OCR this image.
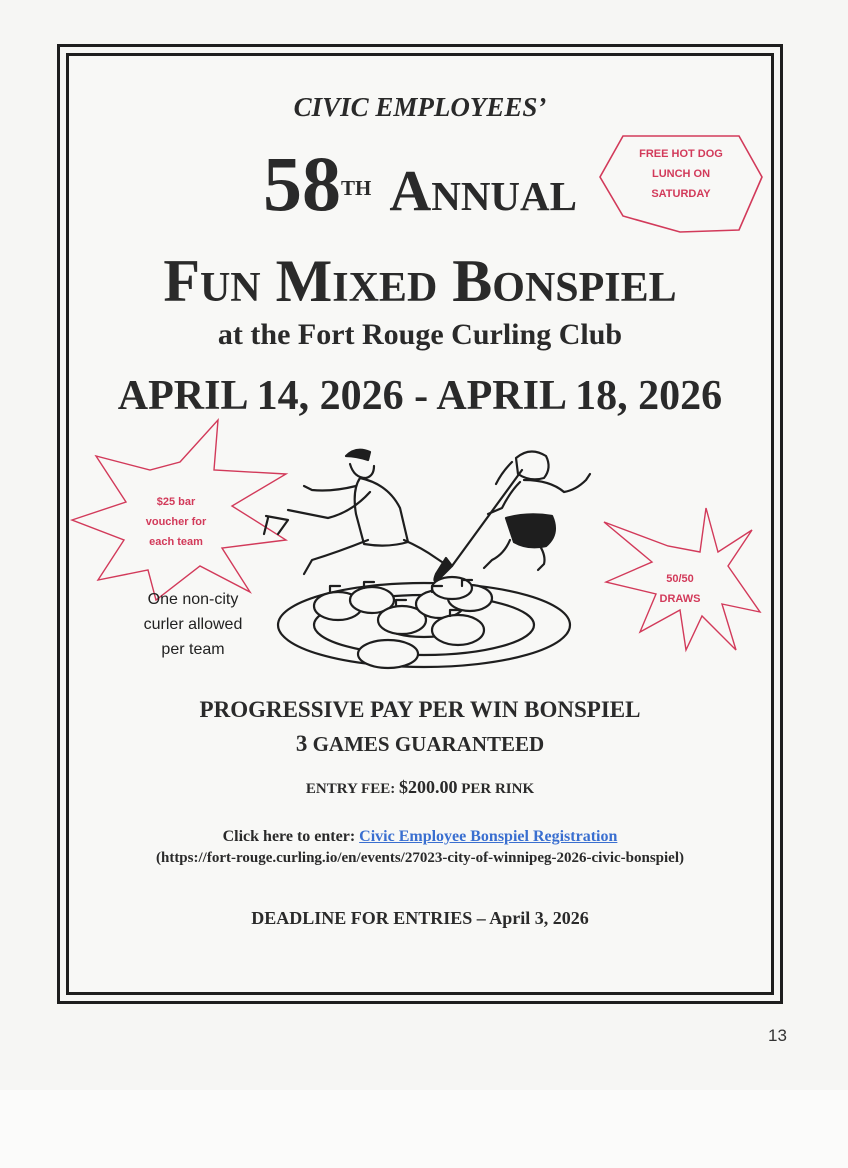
CIVIC EMPLOYEES’
58th Annual
Fun Mixed Bonspiel
at the Fort Rouge Curling Club
APRIL 14, 2026 - APRIL 18, 2026
FREE HOT DOG
LUNCH ON
SATURDAY
$25 bar
voucher for
each team
50/50
DRAWS
One non-city
curler allowed
per team
PROGRESSIVE PAY PER WIN BONSPIEL
3 GAMES GUARANTEED
ENTRY FEE: $200.00 PER RINK
Click here to enter: Civic Employee Bonspiel Registration
(https://fort-rouge.curling.io/en/events/27023-city-of-winnipeg-2026-civic-bonspiel)
DEADLINE FOR ENTRIES – April 3, 2026
13
